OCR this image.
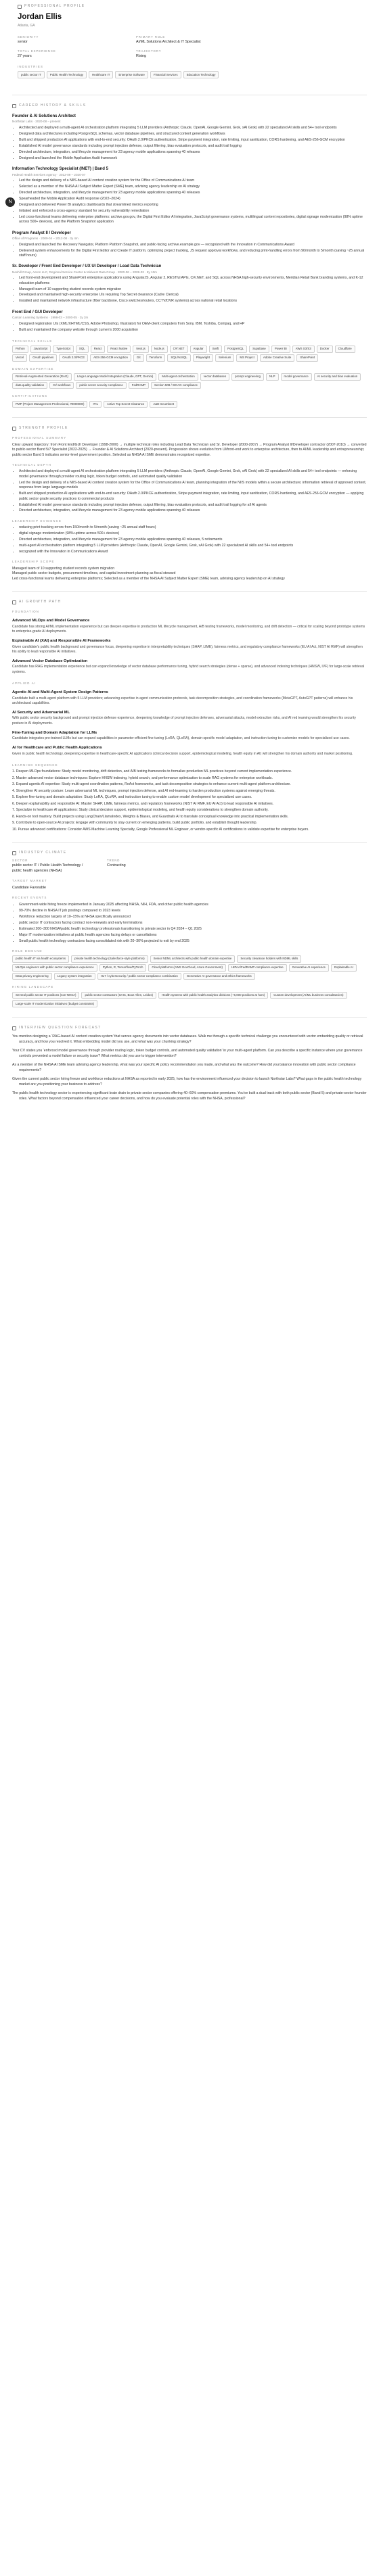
N
PROFESSIONAL PROFILE
Jordan Ellis
Atlanta, GA
SENIORITY
senior
PRIMARY ROLE
AI/ML Solutions Architect & IT Specialist
TOTAL EXPERIENCE
27 years
TRAJECTORY
Rising
INDUSTRIES
public sector IT	Public Health Technology	Healthcare IT	Enterprise Software	Financial Services	Education Technology
CAREER HISTORY & SKILLS
Founder & AI Solutions Architect
Northstar Labs · 2020-08 – present
• Architected and deployed a multi-agent AI orchestration platform integrating 5 LLM providers (Anthropic Claude, OpenAI, Google Gemini, Grok, xAI Grok) with 22 specialized AI skills and 54+ tool endpoints
• Designed data architectures including PostgreSQL schemas, vector database pipelines, and structured content generation workflows
• Built and shipped production AI applications with end-to-end security: OAuth 2.0/PKCE authentication, Stripe payment integration, rate limiting, input sanitization, CORS hardening, and AES-256-GCM encryption
• Established AI model governance standards including prompt injection defense, output filtering, bias evaluation protocols, and audit trail logging
• Directed architecture, integration, and lifecycle management for 23 agency mobile applications spanning 40 releases
• Designed and launched the Mobile Application Audit framework
Information Technology Specialist (INET) | Band 5
Federal Health Services Agency · 2012-09 – 2020-07
• Led the design and delivery of a NIIS-based AI content creation system for the Office of Communications AI team
• Selected as a member of the NHSA AI Subject Matter Expert (SME) team, advising agency leadership on AI strategy
• Directed architecture, integration, and lifecycle management for 23 agency mobile applications spanning 40 releases
• Spearheaded the Mobile Application Audit response (2022–2024)
• Designed and delivered Power BI analytics dashboards that streamlined metrics reporting
• Initiated and enforced a cross-agency standard for security vulnerability remediation
• Led cross-functional teams delivering enterprise platforms: archive.gov.gov, the Digital First Editor AI integration, JavaScript governance systems, multilingual content repositories, digital signage modernization (98% uptime across 500+ devices), and the Platform Snapshot application
Program Analyst II / Developer
Office of Programs · 2009-04 – 2012-08 · 3y 4m
• Designed and launched the Recovery Navigator, Platform Platform Snapshot, and public-facing archive.example.gov — recognized with the Innovation in Communications Award
• Delivered system enhancements for the Digital First Editor and Create IT platform, optimizing project tracking, JS request approval workflows, and reducing print-handling errors from 90/month to 5/month (saving ~25 annual staff hours)
Sr. Developer / Front End Developer / UX UI Developer / Lead Data Technician
Nexhill Group, Aeron LLC, Regional Service Center & Midwest Data Group · 2000-06 – 2009-03 · 8y 10m
• Led front-end development and SharePoint enterprise applications using AngularJS, Angular 2, RESTful APIs, C#/.NET, and SQL across NHSA high-security environments, Meridian Retail Bank branding systems, and K-12 education platforms
• Managed team of 10 supporting student records system migration
• Developed and maintained high-security enterprise UIs requiring Top Secret clearance (Cadre Clerical)
• Installed and maintained network infrastructure (fiber backbone, Cisco switches/routers, CCTV/DVR systems) across national retail locations
Front End / GUI Developer
Carson Learning Systems · 1998-03 – 2000-05 · 2y 2m
• Designed registration UIs (XML/XHTML/CSS, Adobe Photoshop, Illustrator) for OEM-client computers from Sony, IBM, Toshiba, Compaq, and HP
• Built and maintained the company website through Lumen's 2000 acquisition
TECHNICAL SKILLS
Python	JavaScript	TypeScript	SQL	React	React Native	Next.js	Node.js	C#/.NET	Angular	Swift	PostgreSQL	Supabase	Power BI	AWS S3/S3	Docker	Cloudflare
Vercel	OAuth pipelines	OAuth 2.0/PKCE	AES-256-GCM encryption	Git	Terraform	SQL/NoSQL	Playwright	Selenium	MS Project	Adobe Creative Suite	SharePoint
DOMAIN EXPERTISE
Retrieval-Augmented Generation (RAG)	Large Language Model Integration (Claude, GPT, Gemini)	Multi-agent orchestration	vector databases	prompt engineering	NLP	model governance	AI security and bias evaluation
data quality validation	CI/ workflows	public sector security compliance	FedRAMP	Section 508 / WCAG compliance
CERTIFICATIONS
PMP (Project Management Professional, #0000000)	ITIL	Active Top Secret Clearance	A&D Incumbent
STRENGTH PROFILE
PROFESSIONAL SUMMARY

Clear upward trajectory: from Front End/GUI Developer (1998-2000) → multiple technical roles including Lead Data Technician and Sr. Developer (2000-2007) → Program Analyst II/Developer contractor (2007-2010) → converted to public-sector Band 5/7 Specialist (2022-2025) → Founder & AI Solutions Architect (2020-present). Progression shows evolution from UI/front-end work to enterprise architecture, then to AI/ML leadership and entrepreneurship; public-sector Band 5 indicates senior-level government position. Selected as NHSA AI SME demonstrates recognized expertise.

TECHNICAL DEPTH
• Architected and deployed a multi-agent AI orchestration platform integrating 5 LLM providers (Anthropic Claude, OpenAI, Google Gemini, Grok, xAI Grok) with 22 specialized AI skills and 54+ tool endpoints — enforcing model governance through provider routing logic, token budget controls, and automated quality validation
• Led the design and delivery of a NIIS-based AI content creation system for the Office of Communications AI team, planning integration of the NIIS models within a secure architecture; information retrieval of approved content, response from large language models
• Built and shipped production AI applications with end-to-end security: OAuth 2.0/PKCE authentication, Stripe payment integration, rate limiting, input sanitization, CORS hardening, and AES-256-GCM encryption — applying public sector grade security practices to commercial products
• Established AI model governance standards including prompt injection defense, output filtering, bias evaluation protocols, and audit trail logging for all AI agents
• Directed architecture, integration, and lifecycle management for 23 agency mobile applications spanning 40 releases
LEADERSHIP EVIDENCE
• reducing print tracking errors from 150/month to 5/month (saving ~25 annual staff hours)
• digital signage modernization (98% uptime across 500+ devices)
• Directed architecture, integration, and lifecycle management for 23 agency mobile applications spanning 40 releases, 5 retirements
• multi-agent AI orchestration platform integrating 5 LLM providers (Anthropic Claude, OpenAI, Google Gemini, Grok, xAI Grok) with 22 specialized AI skills and 54+ tool endpoints
• recognized with the Innovation in Communications Award
LEADERSHIP SCOPE

Managed team of 10 supporting student records system migration
Managed public sector budgets, procurement timelines, and capital investment planning as fiscal steward
Led cross-functional teams delivering enterprise platforms; Selected as a member of the NHSA AI Subject Matter Expert (SME) team, advising agency leadership on AI strategy

AI GROWTH PATH
FOUNDATION
Advanced MLOps and Model Governance
Candidate has strong AI/ML implementation experience but can deepen expertise in production ML lifecycle management, A/B testing frameworks, model monitoring, and drift detection — critical for scaling beyond prototype systems to enterprise-grade AI deployments.
Explainable AI (XAI) and Responsible AI Frameworks
Given candidate's public health background and governance focus, deepening expertise in interpretability techniques (SHAP, LIME), fairness metrics, and regulatory compliance frameworks (EU AI Act, NIST AI RMF) will strengthen his ability to lead responsible AI initiatives.
Advanced Vector Database Optimization
Candidate has RAG implementation experience but can expand knowledge of vector database performance tuning, hybrid search strategies (dense + sparse), and advanced indexing techniques (HNSW, IVF) for large-scale retrieval systems.
APPLIED AI
Agentic AI and Multi-Agent System Design Patterns
Candidate built a multi-agent platform with 5 LLM providers; advancing expertise in agent communication protocols, task decomposition strategies, and coordination frameworks (MetaGPT, AutoGPT patterns) will enhance his architectural capabilities.
AI Security and Adversarial ML
With public sector security background and prompt injection defense experience, deepening knowledge of prompt injection defenses, adversarial attacks, model extraction risks, and AI red teaming would strengthen his security posture in AI deployments.
Fine-Tuning and Domain Adaptation for LLMs
Candidate integrates pre-trained LLMs but can expand capabilities in parameter-efficient fine-tuning (LoRA, QLoRA), domain-specific model adaptation, and instruction tuning to customize models for specialized use cases.
AI for Healthcare and Public Health Applications
Given in public health technology, deepening expertise in healthcare-specific AI applications (clinical decision support, epidemiological modeling, health equity in AI) will strengthen his domain authority and market positioning.
LEARNING SEQUENCE

1. Deepen MLOps foundations: Study model monitoring, drift detection, and A/B testing frameworks to formalize production ML practices beyond current implementation experience.

2. Master advanced vector database techniques: Explore HNSW indexing, hybrid search, and performance optimization to scale RAG systems for enterprise workloads.

3. Expand agentic AI expertise: Study multi-agent coordination patterns, ReAct frameworks, and task decomposition strategies to enhance current multi-agent platform architecture.

4. Strengthen AI security posture: Learn adversarial ML techniques, prompt injection defense, and AI red-teaming to harden production systems against emerging threats.

5. Explore fine-tuning and domain adaptation: Study LoRA, QLoRA, and instruction tuning to enable custom model development for specialized use cases.

6. Deepen explainability and responsible AI: Master SHAP, LIME, fairness metrics, and regulatory frameworks (NIST AI RMF, EU AI Act) to lead responsible AI initiatives.

7. Specialize in healthcare AI applications: Study clinical decision support, epidemiological modeling, and health equity considerations to strengthen domain authority.

8. Hands-on tool mastery: Build projects using LangChain/LlamaIndex, Weights & Biases, and Guardrails AI to translate conceptual knowledge into practical implementation skills.

9. Contribute to open-source AI projects: Engage with community to stay current on emerging patterns, build public portfolio, and establish thought leadership.

10. Pursue advanced certifications: Consider AWS Machine Learning Specialty, Google Professional ML Engineer, or vendor-specific AI certifications to validate expertise for enterprise buyers.

INDUSTRY CLIMATE
SECTOR
public sector IT / Public Health Technology / public health agencies (NHSA)
TREND
Contracting
TARGET MARKET
Candidate Favorable
RECENT EVENTS
• Government-wide hiring freeze implemented in January 2025 affecting NHSA, NIH, FDA, and other public health agencies
• 99-70% decline in NHSA IT job postings compared to 2023 levels
• Workforce reduction targets of 10–15% at NHSA specifically announced
• public sector IT contractors facing contract non-renewals and early terminations
• Estimated 200–300 NHSA/public health technology professionals transitioning to private sector in Q4 2024 – Q1 2025
• Major IT modernization initiatives at public health agencies facing delays or cancellations
• Small public health technology contractors facing consolidated risk with 20–30% projected to exit by end 2025
ROLE DEMAND
public health IT via health ecosystems	private health technology (Salesforce-style platforms)	Senior NDML architects with public health domain expertise	Security clearance holders with NDML skills
MLOps engineers with public sector compliance experience	Python, R, Tensorflow/PyTorch	Cloud platforms (AWS GovCloud, Azure Government)	HIPAA/FedRAMP compliance expertise	Generative AI experience	Explainable AI
Data privacy engineering	Legacy system integration	HL7 / cybersecurity / public sector compliance combination	Generative AI governance and ethics frameworks
HIRING LANDSCAPE
Several public sector IT positions (non-NHSA)	public sector contractors (SAIC, Booz Allen, Leidos)	Health systems with public health analytics divisions (~6,000 positions at hom)	Custom development (AI/ML business consultancies)
Large-scale IT modernization initiatives (budget constraints)
INTERVIEW QUESTION FORECAST

You mention designing a ‘RAG-based AI content creation system’ that serves agency documents into vector databases. Walk me through a specific technical challenge you encountered with vector embedding quality or retrieval accuracy, and how you resolved it. What embedding model did you use, and what was your chunking strategy?

Your CV states you ‘enforced model governance through provider routing logic, token budget controls, and automated quality validation’ in your multi-agent platform. Can you describe a specific instance where your governance controls prevented a model failure or security issue? What metrics did you use to trigger intervention?

As a member of the NHSA AI SME team advising agency leadership, what was your specific AI policy recommendation you made, and what was the outcome? How did you balance innovation with public sector compliance requirements?

Given the current public sector hiring freeze and workforce reductions at NHSA as reported in early 2025, how has the environment influenced your decision to launch Northstar Labs? What gaps in the public health technology market are you positioning your business to address?

The public health technology sector is experiencing significant brain drain to private sector companies offering 40–60% compensation premiums. You’ve built a dual track with both public sector (Band 5) and private-sector founder roles. What factors beyond compensation influenced your career decisions, and how do you evaluate potential roles with the NHSA, professional?
